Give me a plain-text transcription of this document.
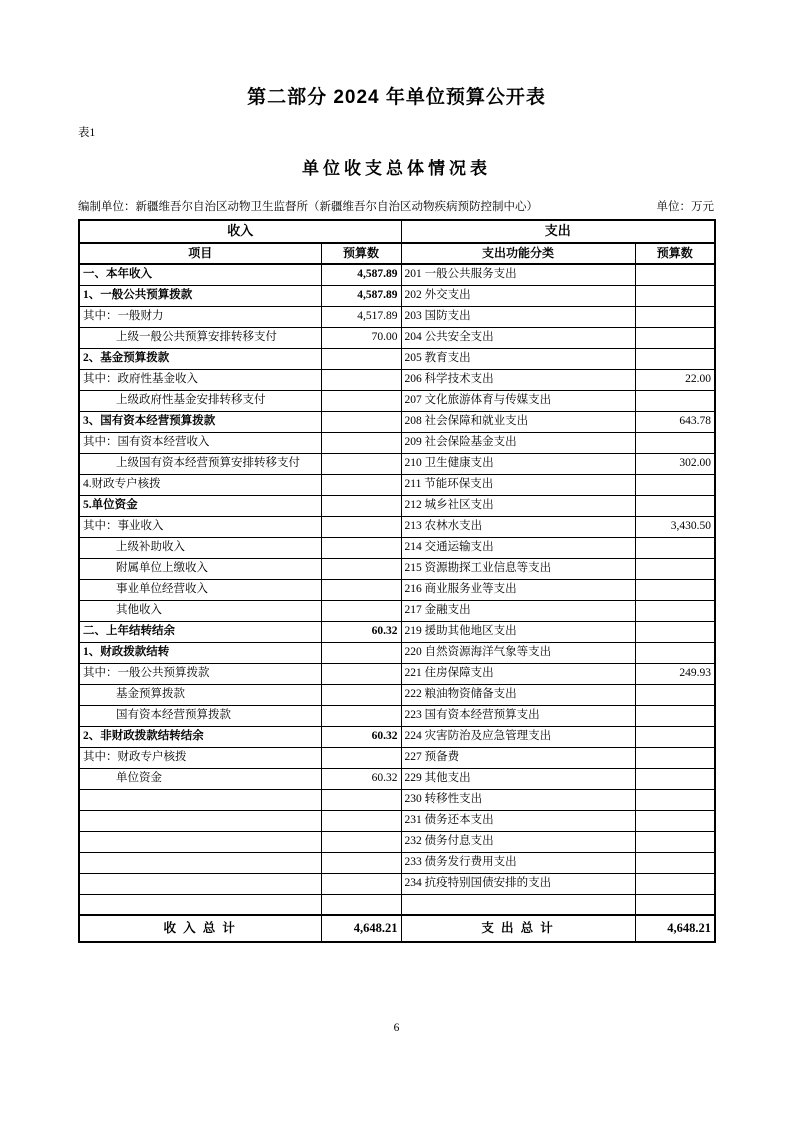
第二部分 2024 年单位预算公开表
表1
单位收支总体情况表
编制单位：新疆维吾尔自治区动物卫生监督所（新疆维吾尔自治区动物疾病预防控制中心）	单位：万元
收入		支出	
项目	预算数	支出功能分类	预算数
一、本年收入	4,587.89	201 一般公共服务支出	
1、一般公共预算拨款	4,587.89	202 外交支出	
其中：一般财力	4,517.89	203 国防支出	
上级一般公共预算安排转移支付	70.00	204 公共安全支出	
2、基金预算拨款		205 教育支出	
其中：政府性基金收入		206 科学技术支出	22.00
上级政府性基金安排转移支付		207 文化旅游体育与传媒支出	
3、国有资本经营预算拨款		208 社会保障和就业支出	643.78
其中：国有资本经营收入		209 社会保险基金支出	
上级国有资本经营预算安排转移支付		210 卫生健康支出	302.00
4.财政专户核拨		211 节能环保支出	
5.单位资金		212 城乡社区支出	
其中：事业收入		213 农林水支出	3,430.50
上级补助收入		214 交通运输支出	
附属单位上缴收入		215 资源勘探工业信息等支出	
事业单位经营收入		216 商业服务业等支出	
其他收入		217 金融支出	
二、上年结转结余	60.32	219 援助其他地区支出	
1、财政拨款结转		220 自然资源海洋气象等支出	
其中：一般公共预算拨款		221 住房保障支出	249.93
基金预算拨款		222 粮油物资储备支出	
国有资本经营预算拨款		223 国有资本经营预算支出	
2、非财政拨款结转结余	60.32	224 灾害防治及应急管理支出	
其中：财政专户核拨		227 预备费	
单位资金	60.32	229 其他支出	
		230 转移性支出	
		231 债务还本支出	
		232 债务付息支出	
		233 债务发行费用支出	
		234 抗疫特别国债安排的支出	

收 入 总 计	4,648.21	支 出 总 计	4,648.21
6
